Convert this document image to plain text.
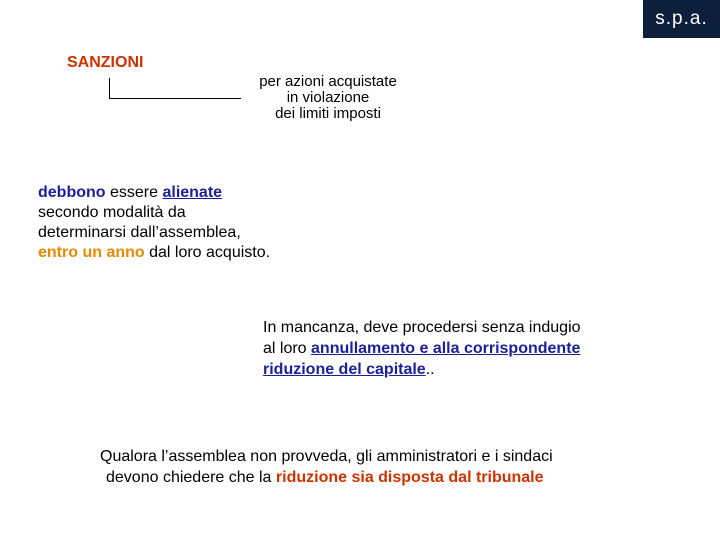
s.p.a.
SANZIONI
per azioni acquistate
in violazione
dei limiti imposti
debbono essere alienate
secondo modalità da
determinarsi dall’assemblea,
entro un anno dal loro acquisto.
In mancanza, deve procedersi senza indugio
al loro annullamento e alla corrispondente
riduzione del capitale..
Qualora l’assemblea non provveda, gli amministratori e i sindaci
devono chiedere che la riduzione sia disposta dal tribunale
